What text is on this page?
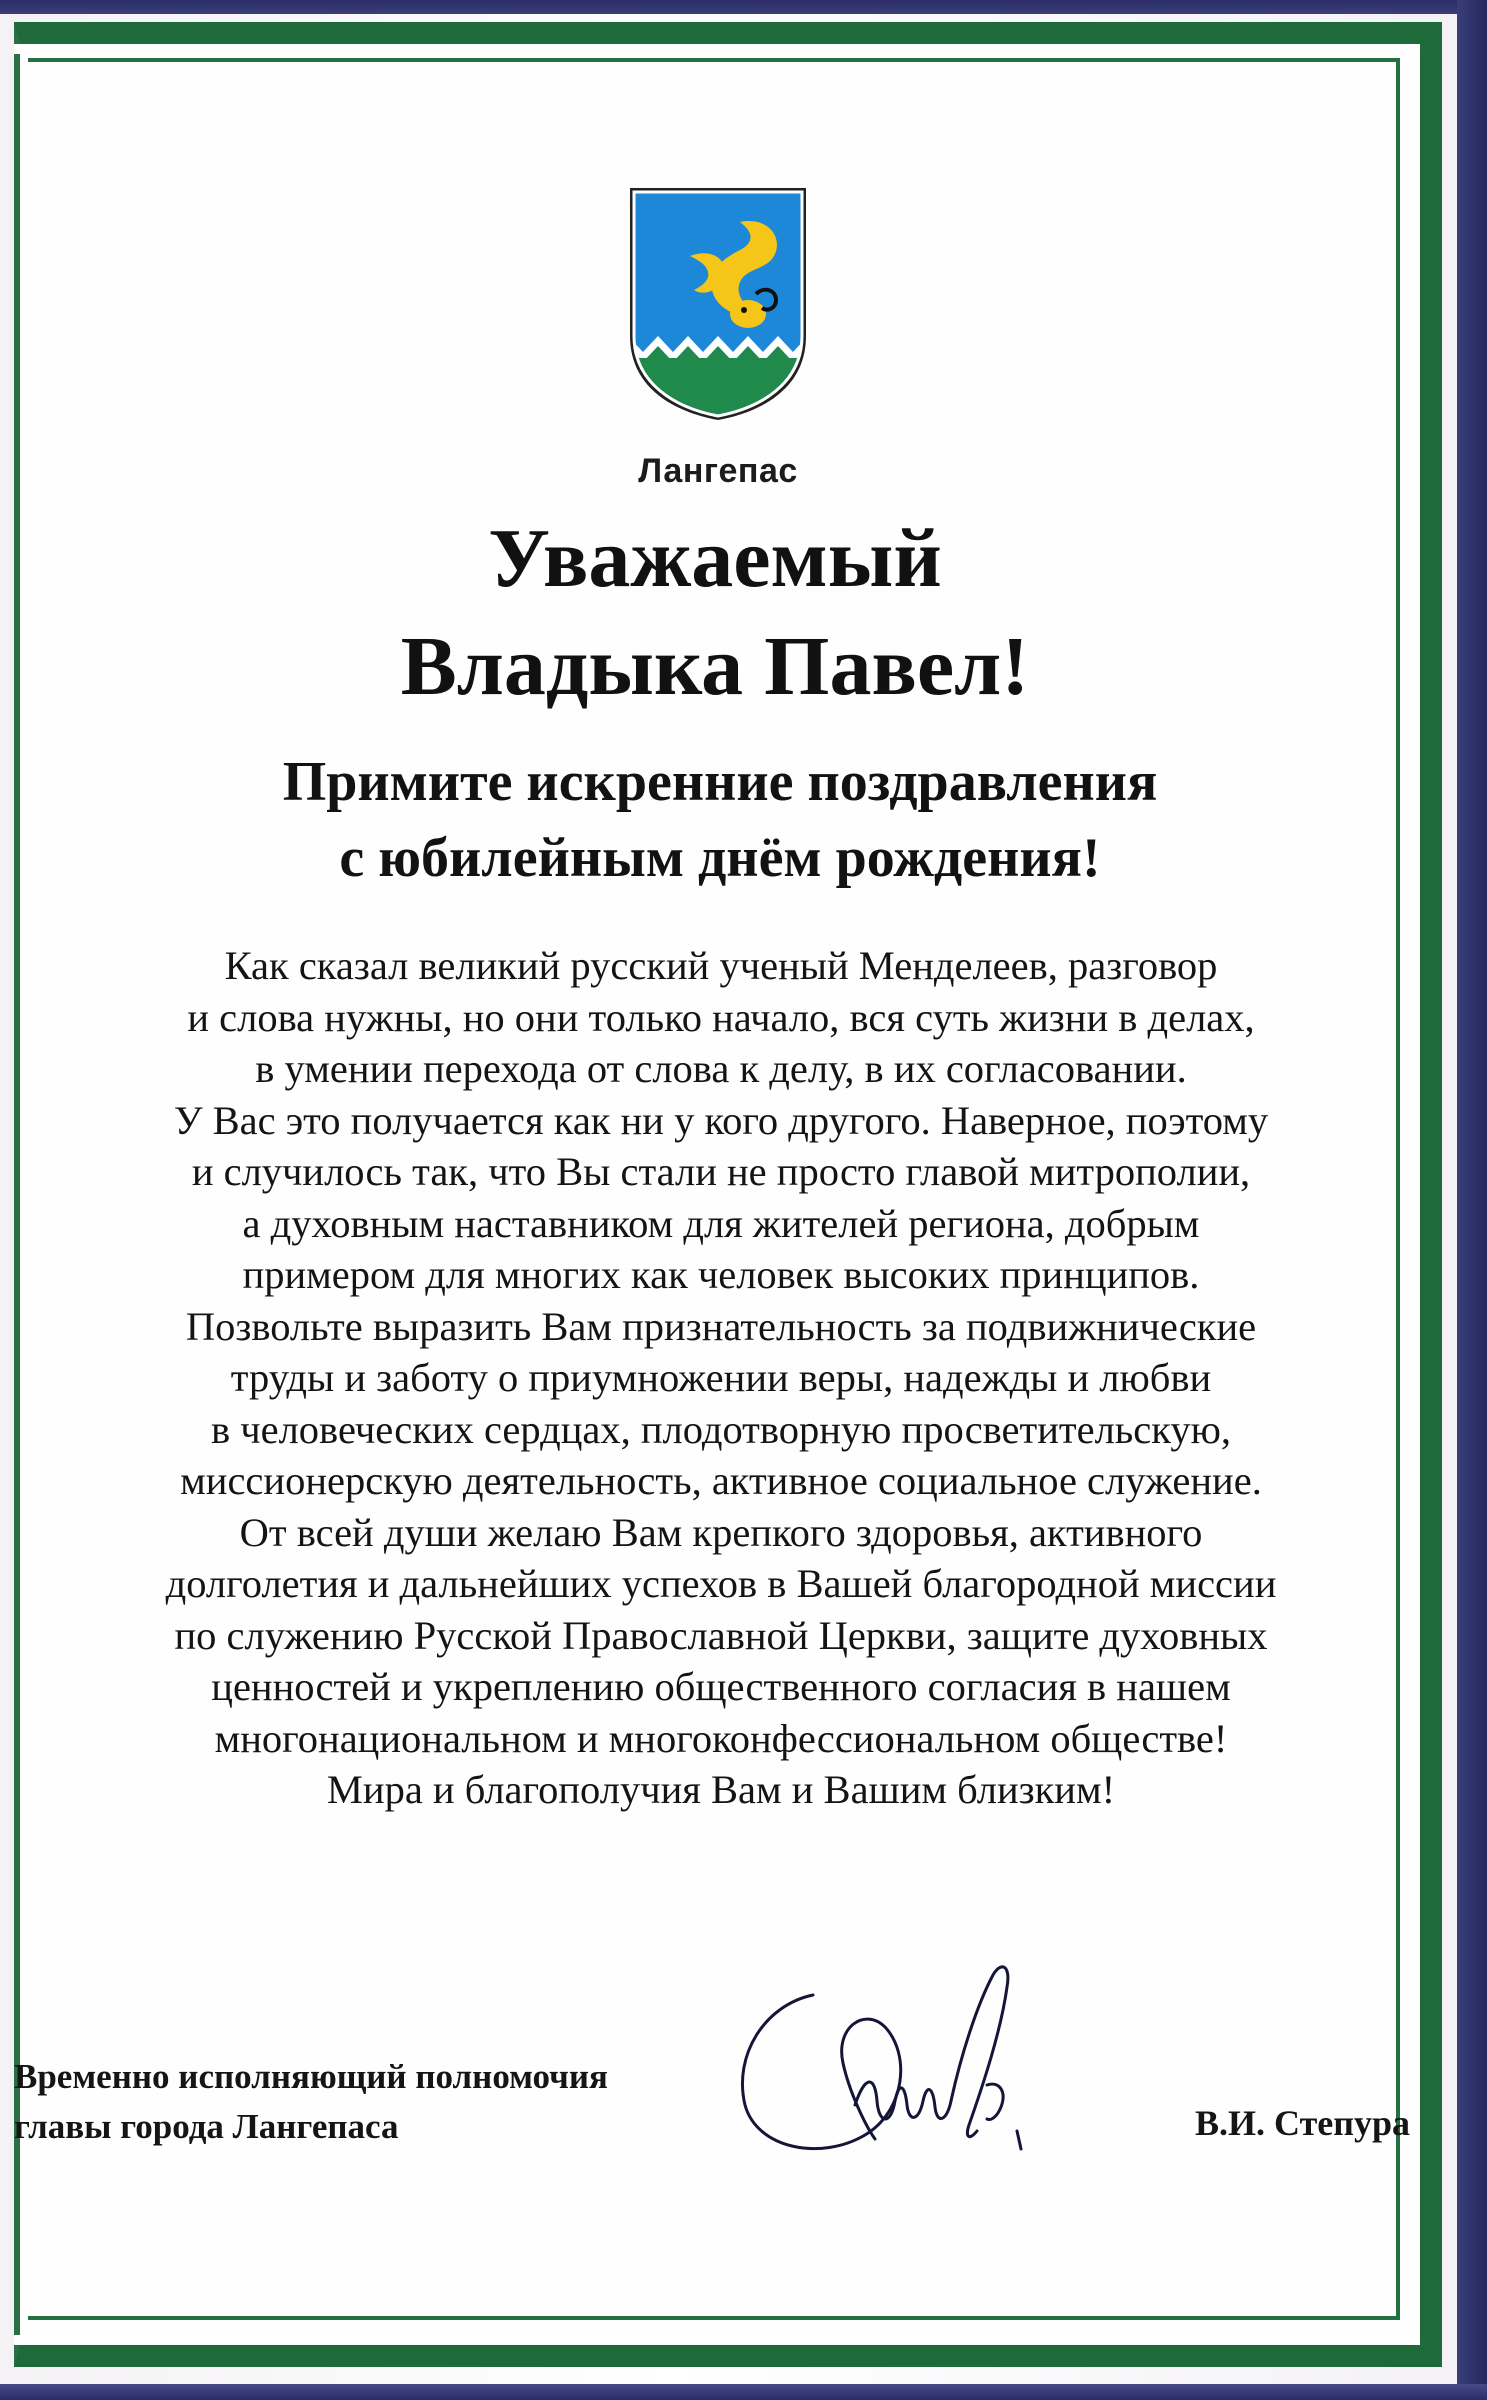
Лангепас
Уважаемый
Владыка Павел!
Примите искренние поздравления
с юбилейным днём рождения!
Как сказал великий русский ученый Менделеев, разговор
и слова нужны, но они только начало, вся суть жизни в делах,
в умении перехода от слова к делу, в их согласовании.
У Вас это получается как ни у кого другого. Наверное, поэтому
и случилось так, что Вы стали не просто главой митрополии,
а духовным наставником для жителей региона, добрым
примером для многих как человек высоких принципов.
Позвольте выразить Вам признательность за подвижнические
труды и заботу о приумножении веры, надежды и любви
в человеческих сердцах, плодотворную просветительскую,
миссионерскую деятельность, активное социальное служение.
От всей души желаю Вам крепкого здоровья, активного
долголетия и дальнейших успехов в Вашей благородной миссии
по служению Русской Православной Церкви, защите духовных
ценностей и укреплению общественного согласия в нашем
многонациональном и многоконфессиональном обществе!
Мира и благополучия Вам и Вашим близким!
Временно исполняющий полномочия
главы города Лангепаса	В.И. Степура
